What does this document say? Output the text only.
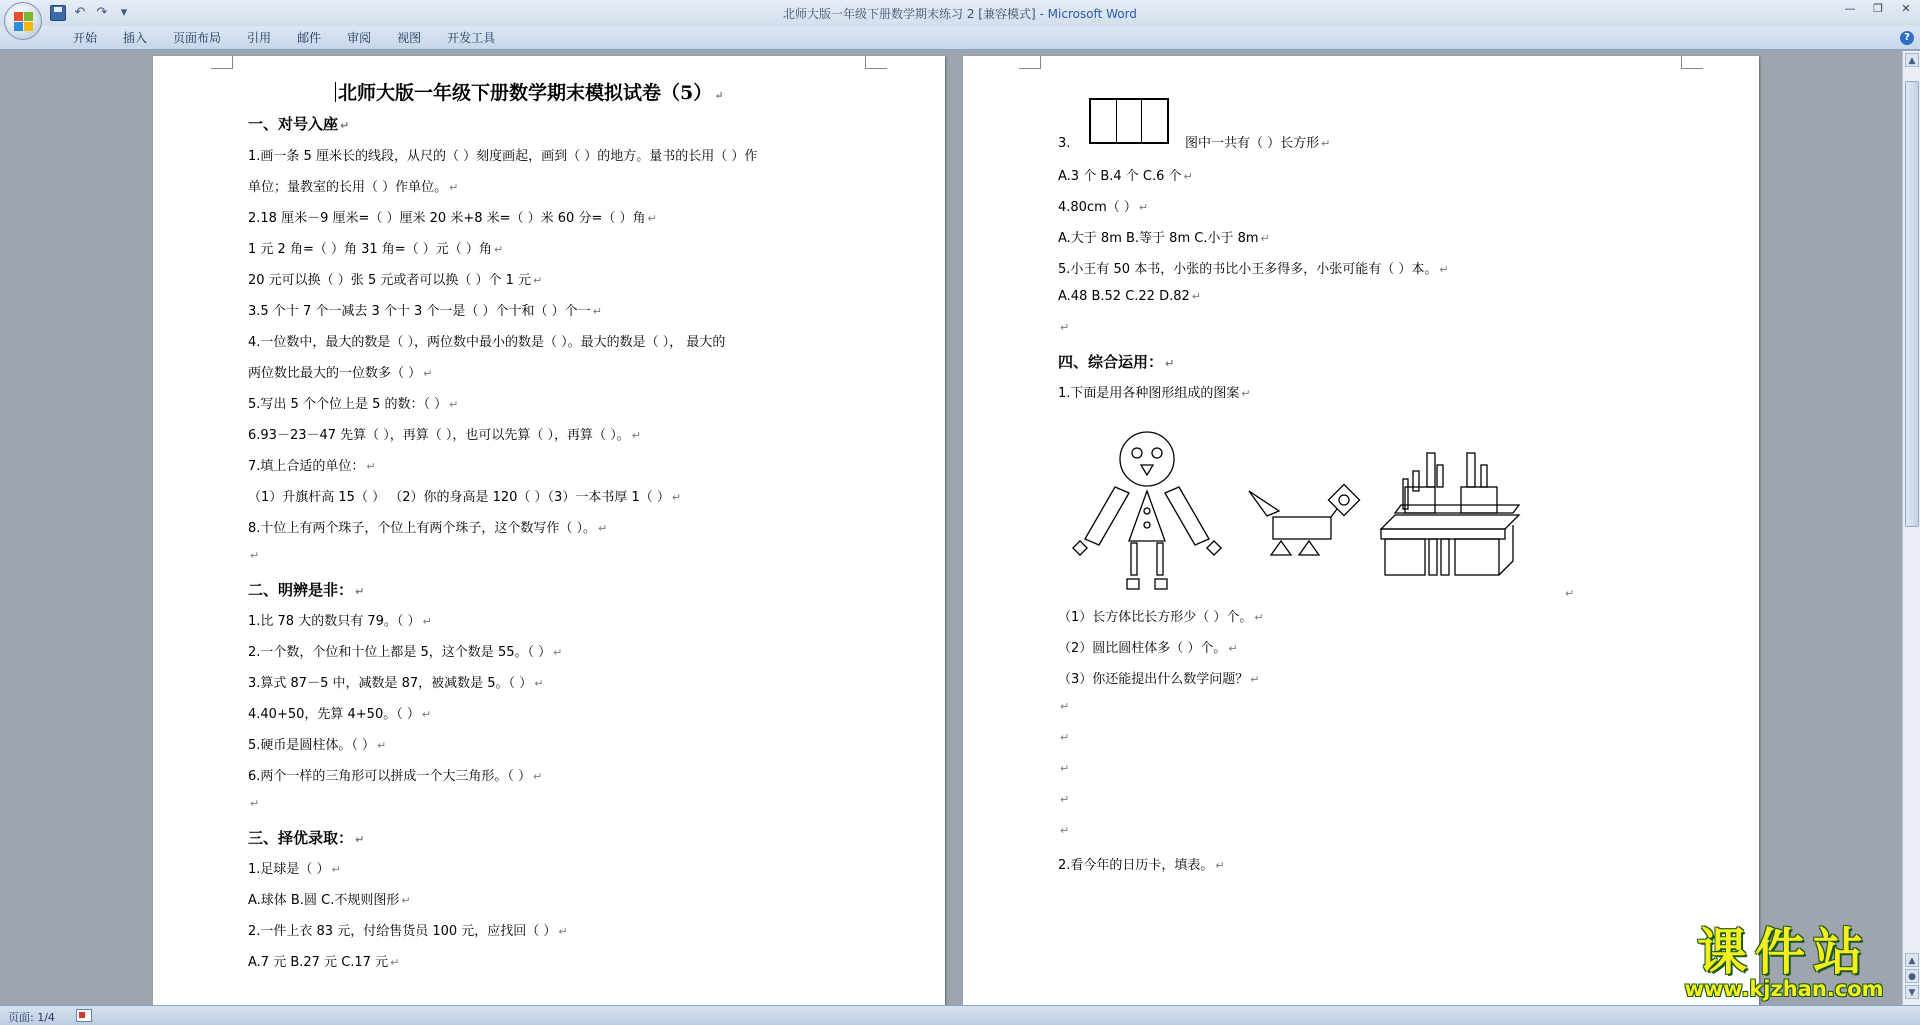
↶ ↷	▾	北师大版一年级下册数学期末练习 2 [兼容模式] - Microsoft Word	—	❐	✕
开始	插入	页面布局	引用	邮件	审阅	视图	开发工具	?
北师大版一年级下册数学期末模拟试卷（5） ↵
一、对号入座 ↵
1.画一条 5 厘米长的线段，从尺的（ ）刻度画起，画到（ ）的地方。量书的长用（ ）作
单位；量教室的长用（ ）作单位。 ↵
2.18 厘米－9 厘米=（ ）厘米 20 米+8 米=（ ）米 60 分=（ ）角 ↵
1 元 2 角=（ ）角 31 角=（ ）元（ ）角 ↵
20 元可以换（ ）张 5 元或者可以换（ ）个 1 元 ↵
3.5 个十 7 个一减去 3 个十 3 个一是（ ）个十和（ ）个一 ↵
4.一位数中，最大的数是（ ），两位数中最小的数是（ ）。最大的数是（ ）， 最大的
两位数比最大的一位数多（ ） ↵
5.写出 5 个个位上是 5 的数：（ ） ↵
6.93－23－47 先算（ ），再算（ ），也可以先算（ ），再算（ ）。 ↵
7.填上合适的单位： ↵
（1）升旗杆高 15（ ） （2）你的身高是 120（ ）（3）一本书厚 1（ ） ↵
8.十位上有两个珠子，个位上有两个珠子，这个数写作（ ）。 ↵
↵
二、明辨是非： ↵
1.比 78 大的数只有 79。（ ） ↵
2.一个数，个位和十位上都是 5，这个数是 55。（ ） ↵
3.算式 87－5 中，减数是 87，被减数是 5。（ ） ↵
4.40+50，先算 4+50。（ ） ↵
5.硬币是圆柱体。（ ） ↵
6.两个一样的三角形可以拼成一个大三角形。（ ） ↵
↵
三、择优录取： ↵
1.足球是（ ） ↵
A.球体 B.圆 C.不规则图形 ↵
2.一件上衣 83 元，付给售货员 100 元，应找回（ ） ↵
A.7 元 B.27 元 C.17 元 ↵
3.	图中一共有（ ）长方形 ↵
A.3 个 B.4 个 C.6 个 ↵
4.80cm（ ） ↵
A.大于 8m B.等于 8m C.小于 8m ↵
5.小王有 50 本书，小张的书比小王多得多，小张可能有（ ）本。 ↵
A.48 B.52 C.22 D.82 ↵
↵
四、综合运用： ↵
1.下面是用各种图形组成的图案 ↵
↵
（1）长方体比长方形少（ ）个。 ↵
（2）圆比圆柱体多（ ）个。 ↵
（3）你还能提出什么数学问题？ ↵
↵
↵
↵
↵
↵
2.看今年的日历卡，填表。 ↵
▲
▲
●
▼
页面: 1/4
课件站
www.kjzhan.com
